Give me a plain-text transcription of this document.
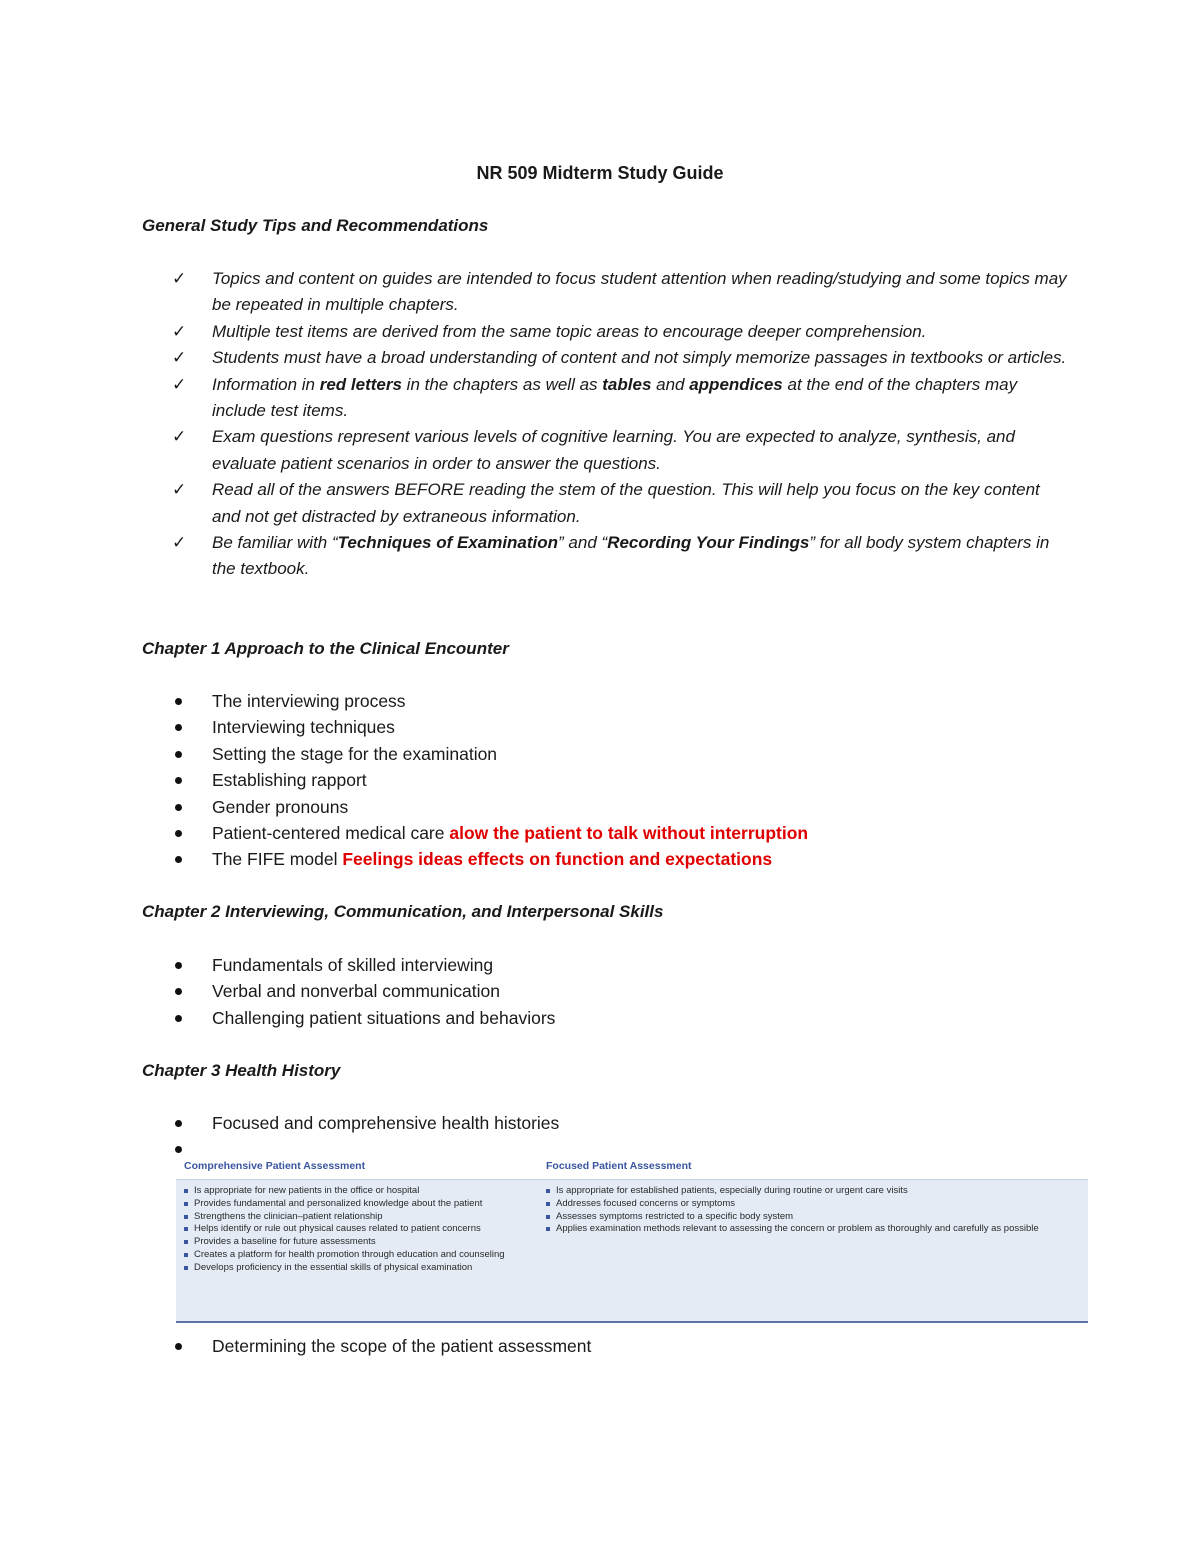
NR 509 Midterm Study Guide
General Study Tips and Recommendations
✓ Topics and content on guides are intended to focus student attention when reading/studying and some topics may be repeated in multiple chapters.
✓ Multiple test items are derived from the same topic areas to encourage deeper comprehension.
✓ Students must have a broad understanding of content and not simply memorize passages in textbooks or articles.
✓ Information in red letters in the chapters as well as tables and appendices at the end of the chapters may include test items.
✓ Exam questions represent various levels of cognitive learning. You are expected to analyze, synthesis, and evaluate patient scenarios in order to answer the questions.
✓ Read all of the answers BEFORE reading the stem of the question. This will help you focus on the key content and not get distracted by extraneous information.
✓ Be familiar with “Techniques of Examination” and “Recording Your Findings” for all body system chapters in the textbook.
Chapter 1 Approach to the Clinical Encounter
The interviewing process
Interviewing techniques
Setting the stage for the examination
Establishing rapport
Gender pronouns
Patient-centered medical care alow the patient to talk without interruption
The FIFE model Feelings ideas effects on function and expectations
Chapter 2 Interviewing, Communication, and Interpersonal Skills
Fundamentals of skilled interviewing
Verbal and nonverbal communication
Challenging patient situations and behaviors
Chapter 3 Health History
Focused and comprehensive health histories
Comprehensive Patient Assessment	Focused Patient Assessment
Is appropriate for new patients in the office or hospital
Provides fundamental and personalized knowledge about the patient
Strengthens the clinician–patient relationship
Helps identify or rule out physical causes related to patient concerns
Provides a baseline for future assessments
Creates a platform for health promotion through education and counseling
Develops proficiency in the essential skills of physical examination
Is appropriate for established patients, especially during routine or urgent care visits
Addresses focused concerns or symptoms
Assesses symptoms restricted to a specific body system
Applies examination methods relevant to assessing the concern or problem as thoroughly and carefully as possible
Determining the scope of the patient assessment
